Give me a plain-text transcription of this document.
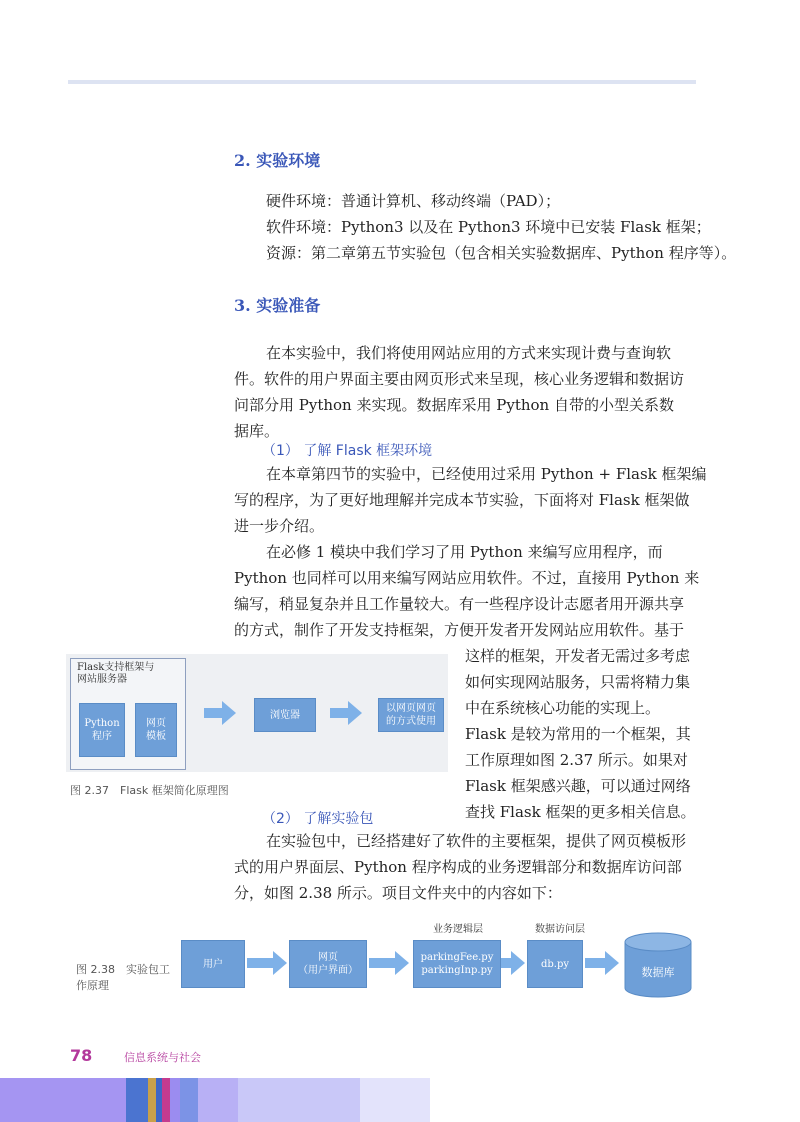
2. 实验环境
硬件环境：普通计算机、移动终端（PAD）；
软件环境：Python3 以及在 Python3 环境中已安装 Flask 框架；
资源：第二章第五节实验包（包含相关实验数据库、Python 程序等）。
3. 实验准备
在本实验中，我们将使用网站应用的方式来实现计费与查询软
件。软件的用户界面主要由网页形式来呈现，核心业务逻辑和数据访
问部分用 Python 来实现。数据库采用 Python 自带的小型关系数
据库。
（1） 了解 Flask 框架环境
在本章第四节的实验中，已经使用过采用 Python + Flask 框架编
写的程序，为了更好地理解并完成本节实验，下面将对 Flask 框架做
进一步介绍。
在必修 1 模块中我们学习了用 Python 来编写应用程序，而
Python 也同样可以用来编写网站应用软件。不过，直接用 Python 来
编写，稍显复杂并且工作量较大。有一些程序设计志愿者用开源共享
的方式，制作了开发支持框架，方便开发者开发网站应用软件。基于
这样的框架，开发者无需过多考虑
如何实现网站服务，只需将精力集
中在系统核心功能的实现上。
Flask 是较为常用的一个框架，其
工作原理如图 2.37 所示。如果对
Flask 框架感兴趣，可以通过网络
查找 Flask 框架的更多相关信息。
Flask支持框架与
网站服务器
Python
程序
网页
模板
浏览器
以网页网页
的方式使用
图 2.37　Flask 框架简化原理图
（2） 了解实验包
在实验包中，已经搭建好了软件的主要框架，提供了网页模板形
式的用户界面层、Python 程序构成的业务逻辑部分和数据库访问部
分，如图 2.38 所示。项目文件夹中的内容如下：
图 2.38　实验包工
作原理
业务逻辑层	数据访问层
用户
网页
（用户界面）
parkingFee.py
parkingInp.py
db.py
数据库
78	信息系统与社会
